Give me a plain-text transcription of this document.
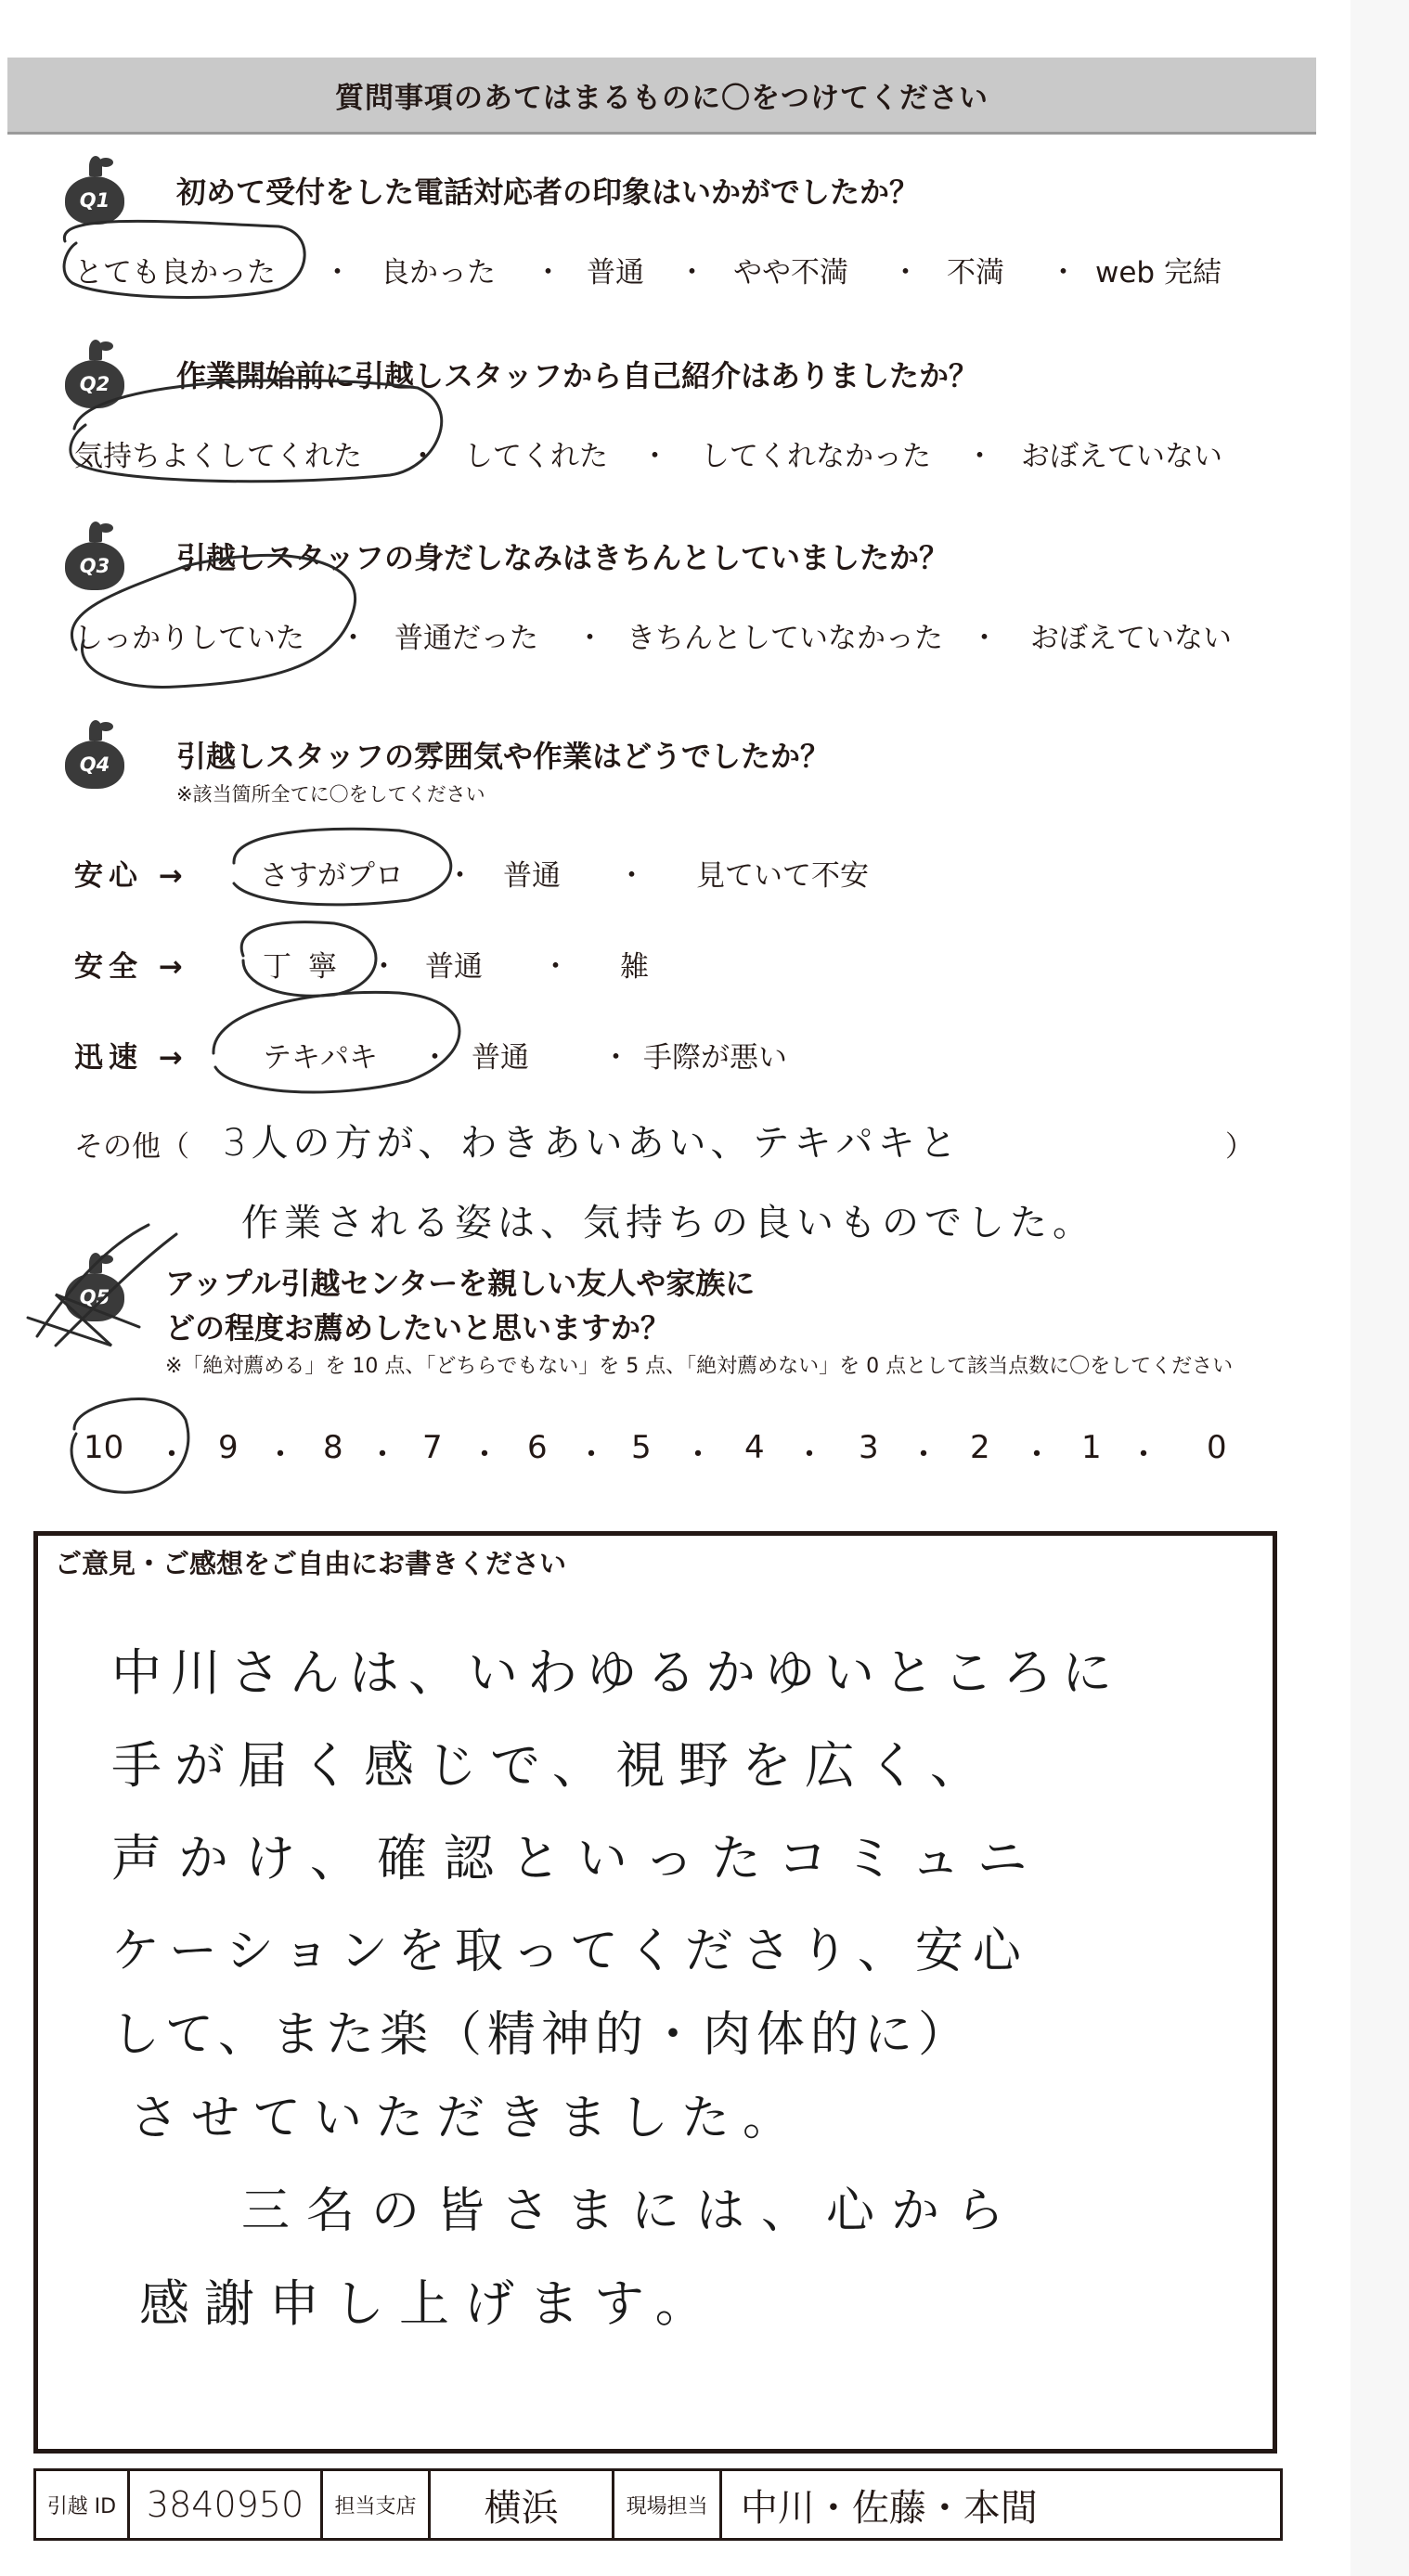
質問事項のあてはまるものに〇をつけてください
Q1 初めて受付をした電話対応者の印象はいかがでしたか？
とても良かった ・ 良かった ・ 普通 ・ やや不満 ・ 不満 ・ web 完結
Q2 作業開始前に引越しスタッフから自己紹介はありましたか？
気持ちよくしてくれた ・ してくれた ・ してくれなかった ・ おぼえていない
Q3 引越しスタッフの身だしなみはきちんとしていましたか？
しっかりしていた ・ 普通だった ・ きちんとしていなかった ・ おぼえていない
Q4 引越しスタッフの雰囲気や作業はどうでしたか？
※該当箇所全てに〇をしてください
安心 → さすがプロ ・ 普通 ・ 見ていて不安
安全 →	丁寧 ・ 普通 ・ 雑
迅速 →	テキパキ ・ 普通	・ 手際が悪い
その他（	）
3人の方が、わきあいあい、テキパキと
作業される姿は、気持ちの良いものでした。
Q5 アップル引越センターを親しい友人や家族に
どの程度お薦めしたいと思いますか？
※「絶対薦める」を 10 点、「どちらでもない」を 5 点、「絶対薦めない」を 0 点として該当点数に〇をしてください
10 ・ 9 ・ 8 ・ 7 ・ 6 ・ 5 ・ 4 ・ 3 ・ 2 ・ 1 ・ 0
ご意見・ご感想をご自由にお書きください
中川さんは、いわゆるかゆいところに
手が届く感じで、視野を広く、
声かけ、確認といったコミュニ
ケーションを取ってくださり、安心
して、また楽（精神的・肉体的に）
させていただきました。
三名の皆さまには、心から
感謝申し上げます。
引越 ID 3840950	担当支店	横浜	現場担当 中川・佐藤・本間
